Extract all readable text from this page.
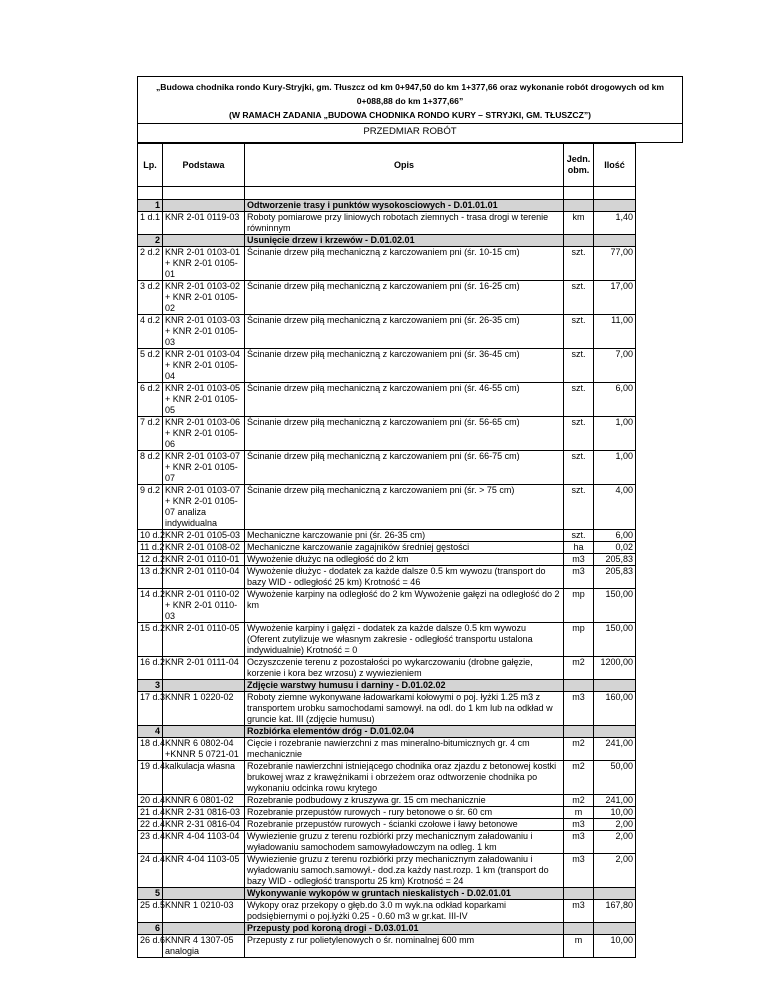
„Budowa chodnika rondo Kury-Stryjki, gm. Tłuszcz od km 0+947,50 do km 1+377,66 oraz wykonanie robót drogowych od km
0+088,88 do km 1+377,66”
(W RAMACH ZADANIA „BUDOWA CHODNIKA RONDO KURY – STRYJKI, GM. TŁUSZCZ”)
PRZEDMIAR ROBÓT
Lp.	Podstawa	Opis	Jedn. obm.	Ilość

1		Odtworzenie trasy i punktów wysokosciowych - D.01.01.01		
1 d.1	KNR 2-01 0119-03	Roboty pomiarowe przy liniowych robotach ziemnych - trasa drogi w terenie równinnym	km	1,40
2		Usunięcie drzew i krzewów - D.01.02.01		
2 d.2	KNR 2-01 0103-01 + KNR 2-01 0105-01	Ścinanie drzew piłą mechaniczną z karczowaniem pni (śr. 10-15 cm)	szt.	77,00
3 d.2	KNR 2-01 0103-02 + KNR 2-01 0105-02	Ścinanie drzew piłą mechaniczną z karczowaniem pni (śr. 16-25 cm)	szt.	17,00
4 d.2	KNR 2-01 0103-03 + KNR 2-01 0105-03	Ścinanie drzew piłą mechaniczną z karczowaniem pni (śr. 26-35 cm)	szt.	11,00
5 d.2	KNR 2-01 0103-04 + KNR 2-01 0105-04	Ścinanie drzew piłą mechaniczną z karczowaniem pni (śr. 36-45 cm)	szt.	7,00
6 d.2	KNR 2-01 0103-05 + KNR 2-01 0105-05	Ścinanie drzew piłą mechaniczną z karczowaniem pni (śr. 46-55 cm)	szt.	6,00
7 d.2	KNR 2-01 0103-06 + KNR 2-01 0105-06	Ścinanie drzew piłą mechaniczną z karczowaniem pni (śr. 56-65 cm)	szt.	1,00
8 d.2	KNR 2-01 0103-07 + KNR 2-01 0105-07	Ścinanie drzew piłą mechaniczną z karczowaniem pni (śr. 66-75 cm)	szt.	1,00
9 d.2	KNR 2-01 0103-07 + KNR 2-01 0105-07 analiza indywidualna	Ścinanie drzew piłą mechaniczną z karczowaniem pni (śr. > 75 cm)	szt.	4,00
10 d.2	KNR 2-01 0105-03	Mechaniczne karczowanie pni (śr. 26-35 cm)	szt.	6,00
11 d.2	KNR 2-01 0108-02	Mechaniczne karczowanie zagajników średniej gęstości	ha	0,02
12 d.2	KNR 2-01 0110-01	Wywożenie dłużyc na odległość do 2 km	m3	205,83
13 d.2	KNR 2-01 0110-04	Wywożenie dłużyc - dodatek za każde dalsze 0.5 km wywozu (transport do bazy WID - odległość 25 km) Krotność = 46	m3	205,83
14 d.2	KNR 2-01 0110-02 + KNR 2-01 0110-03	Wywożenie karpiny na odległość do 2 km Wywożenie gałęzi na odległość do 2 km	mp	150,00
15 d.2	KNR 2-01 0110-05	Wywożenie karpiny i gałęzi - dodatek za każde dalsze 0.5 km wywozu (Oferent zutylizuje we własnym zakresie - odległość transportu ustalona indywidualnie) Krotność = 0	mp	150,00
16 d.2	KNR 2-01 0111-04	Oczyszczenie terenu z pozostałości po wykarczowaniu (drobne gałęzie, korzenie i kora bez wrzosu) z wywiezieniem	m2	1200,00
3		Zdjęcie warstwy humusu i darniny - D.01.02.02		
17 d.3	KNNR 1 0220-02	Roboty ziemne wykonywane ładowarkami kołowymi o poj. łyżki 1.25 m3 z transportem urobku samochodami samowył. na odl. do 1 km lub na odkład w gruncie kat. III (zdjęcie humusu)	m3	160,00
4		Rozbiórka elementów dróg - D.01.02.04		
18 d.4	KNNR 6 0802-04 +KNNR 5 0721-01	Cięcie i rozebranie nawierzchni z mas mineralno-bitumicznych gr. 4 cm mechanicznie	m2	241,00
19 d.4	kalkulacja własna	Rozebranie nawierzchni istniejącego chodnika oraz zjazdu z betonowej kostki brukowej wraz z krawężnikami i obrzeżem oraz odtworzenie chodnika po wykonaniu odcinka rowu krytego	m2	50,00
20 d.4	KNNR 6 0801-02	Rozebranie podbudowy z kruszywa gr. 15 cm mechanicznie	m2	241,00
21 d.4	KNR 2-31 0816-03	Rozebranie przepustów rurowych - rury betonowe o śr. 60 cm	m	10,00
22 d.4	KNR 2-31 0816-04	Rozebranie przepustów rurowych - ścianki czołowe i ławy betonowe	m3	2,00
23 d.4	KNR 4-04 1103-04	Wywiezienie gruzu z terenu rozbiórki przy mechanicznym załadowaniu i wyładowaniu samochodem samowyładowczym na odleg. 1 km	m3	2,00
24 d.4	KNR 4-04 1103-05	Wywiezienie gruzu z terenu rozbiórki przy mechanicznym załadowaniu i wyładowaniu samoch.samowył.- dod.za każdy nast.rozp. 1 km (transport do bazy WID - odległość transportu 25 km) Krotność = 24	m3	2,00
5		Wykonywanie wykopów w gruntach nieskalistych - D.02.01.01		
25 d.5	KNNR 1 0210-03	Wykopy oraz przekopy o głęb.do 3.0 m wyk.na odkład koparkami podsiębiernymi o poj.łyżki 0.25 - 0.60 m3 w gr.kat. III-IV	m3	167,80
6		Przepusty pod koroną drogi - D.03.01.01		
26 d.6	KNNR 4 1307-05 analogia	Przepusty z rur polietylenowych o śr. nominalnej 600 mm	m	10,00
